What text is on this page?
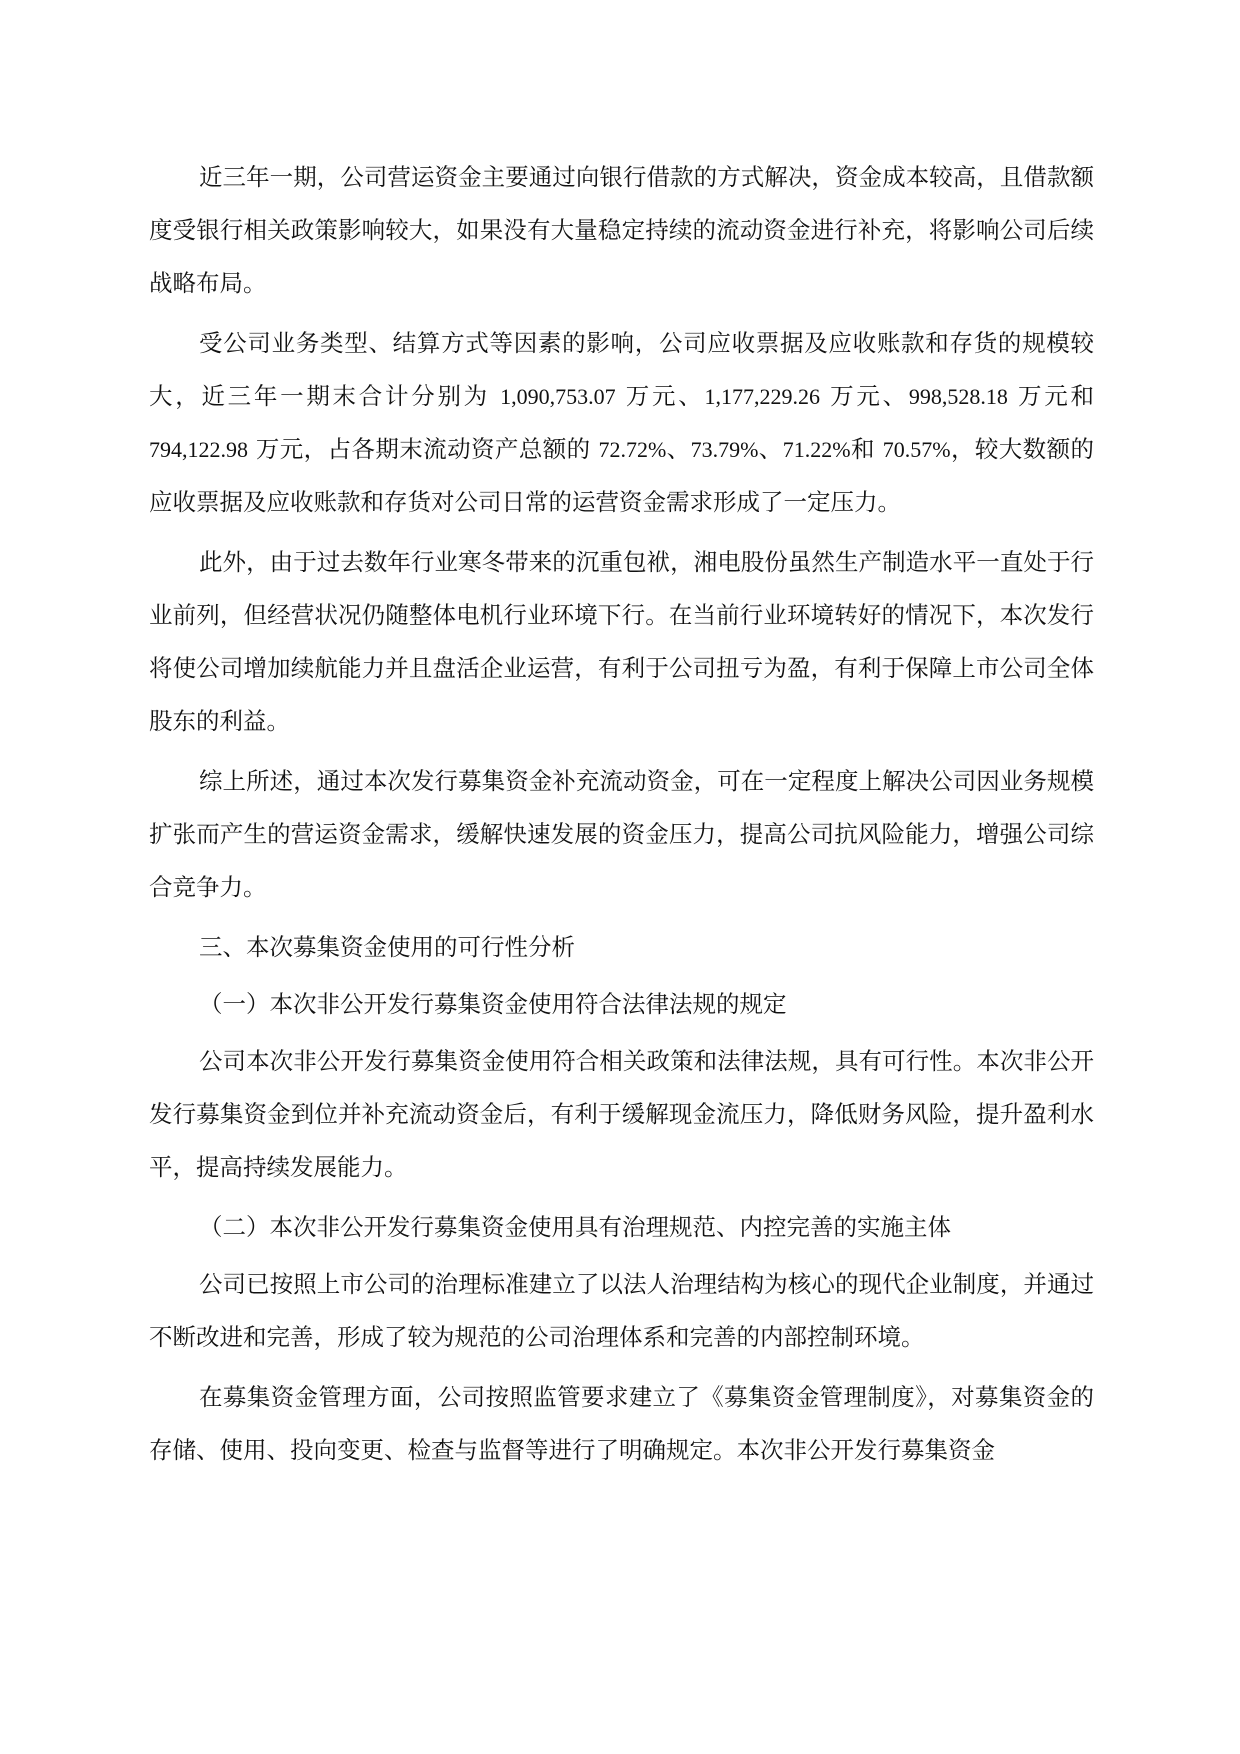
近三年一期，公司营运资金主要通过向银行借款的方式解决，资金成本较高，且借款额度受银行相关政策影响较大，如果没有大量稳定持续的流动资金进行补充，将影响公司后续战略布局。

受公司业务类型、结算方式等因素的影响，公司应收票据及应收账款和存货的规模较大，近三年一期末合计分别为 1,090,753.07 万元、1,177,229.26 万元、998,528.18 万元和 794,122.98 万元，占各期末流动资产总额的 72.72%、73.79%、71.22%和 70.57%，较大数额的应收票据及应收账款和存货对公司日常的运营资金需求形成了一定压力。

此外，由于过去数年行业寒冬带来的沉重包袱，湘电股份虽然生产制造水平一直处于行业前列，但经营状况仍随整体电机行业环境下行。在当前行业环境转好的情况下，本次发行将使公司增加续航能力并且盘活企业运营，有利于公司扭亏为盈，有利于保障上市公司全体股东的利益。

综上所述，通过本次发行募集资金补充流动资金，可在一定程度上解决公司因业务规模扩张而产生的营运资金需求，缓解快速发展的资金压力，提高公司抗风险能力，增强公司综合竞争力。

三、本次募集资金使用的可行性分析

（一）本次非公开发行募集资金使用符合法律法规的规定

公司本次非公开发行募集资金使用符合相关政策和法律法规，具有可行性。本次非公开发行募集资金到位并补充流动资金后，有利于缓解现金流压力，降低财务风险，提升盈利水平，提高持续发展能力。

（二）本次非公开发行募集资金使用具有治理规范、内控完善的实施主体

公司已按照上市公司的治理标准建立了以法人治理结构为核心的现代企业制度，并通过不断改进和完善，形成了较为规范的公司治理体系和完善的内部控制环境。

在募集资金管理方面，公司按照监管要求建立了《募集资金管理制度》，对募集资金的存储、使用、投向变更、检查与监督等进行了明确规定。本次非公开发行募集资金
